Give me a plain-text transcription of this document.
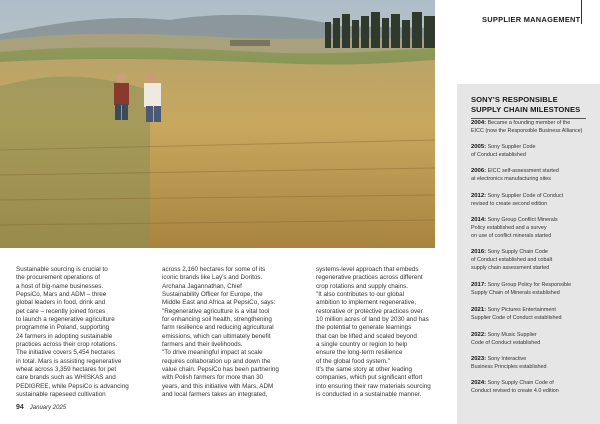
SUPPLIER MANAGEMENT

Sustainable sourcing is crucial to
the procurement operations of
a host of big-name businesses.
PepsiCo, Mars and ADM – three
global leaders in food, drink and
pet care – recently joined forces
to launch a regenerative agriculture
programme in Poland, supporting
24 farmers in adopting sustainable
practices across their crop rotations.
The initiative covers 5,454 hectares
in total. Mars is assisting regenerative
wheat across 3,359 hectares for pet
care brands such as WHISKAS and
PEDIGREE, while PepsiCo is advancing
sustainable rapeseed cultivation

across 2,160 hectares for some of its
iconic brands like Lay's and Doritos.
Archana Jagannathan, Chief
Sustainability Officer for Europe, the
Middle East and Africa at PepsiCo, says:
"Regenerative agriculture is a vital tool
for enhancing soil health, strengthening
farm resilience and reducing agricultural
emissions, which can ultimately benefit
farmers and their livelihoods.
"To drive meaningful impact at scale
requires collaboration up and down the
value chain. PepsiCo has been partnering
with Polish farmers for more than 30
years, and this initiative with Mars, ADM
and local farmers takes an integrated,

systems-level approach that embeds
regenerative practices across different
crop rotations and supply chains.
"It also contributes to our global
ambition to implement regenerative,
restorative or protective practices over
10 million acres of land by 2030 and has
the potential to generate learnings
that can be lifted and scaled beyond
a single country or region to help
ensure the long-term resilience
of the global food system."
It's the same story at other leading
companies, which put significant effort
into ensuring their raw materials sourcing
is conducted in a sustainable manner.

94 January 2025
SONY'S RESPONSIBLE
SUPPLY CHAIN MILESTONES
2004: Became a founding member of the
EICC (now the Responsible Business Alliance)
2005: Sony Supplier Code
of Conduct established
2006: EICC self-assessment started
at electronics manufacturing sites
2012: Sony Supplier Code of Conduct
revised to create second edition
2014: Sony Group Conflict Minerals
Policy established and a survey
on use of conflict minerals started
2016: Sony Supply Chain Code
of Conduct established and cobalt
supply chain assessment started
2017: Sony Group Policy for Responsible
Supply Chain of Minerals established
2021: Sony Pictures Entertainment
Supplier Code of Conduct established
2022: Sony Music Supplier
Code of Conduct established
2023: Sony Interactive
Business Principles established
2024: Sony Supply Chain Code of
Conduct revised to create 4.0 edition
